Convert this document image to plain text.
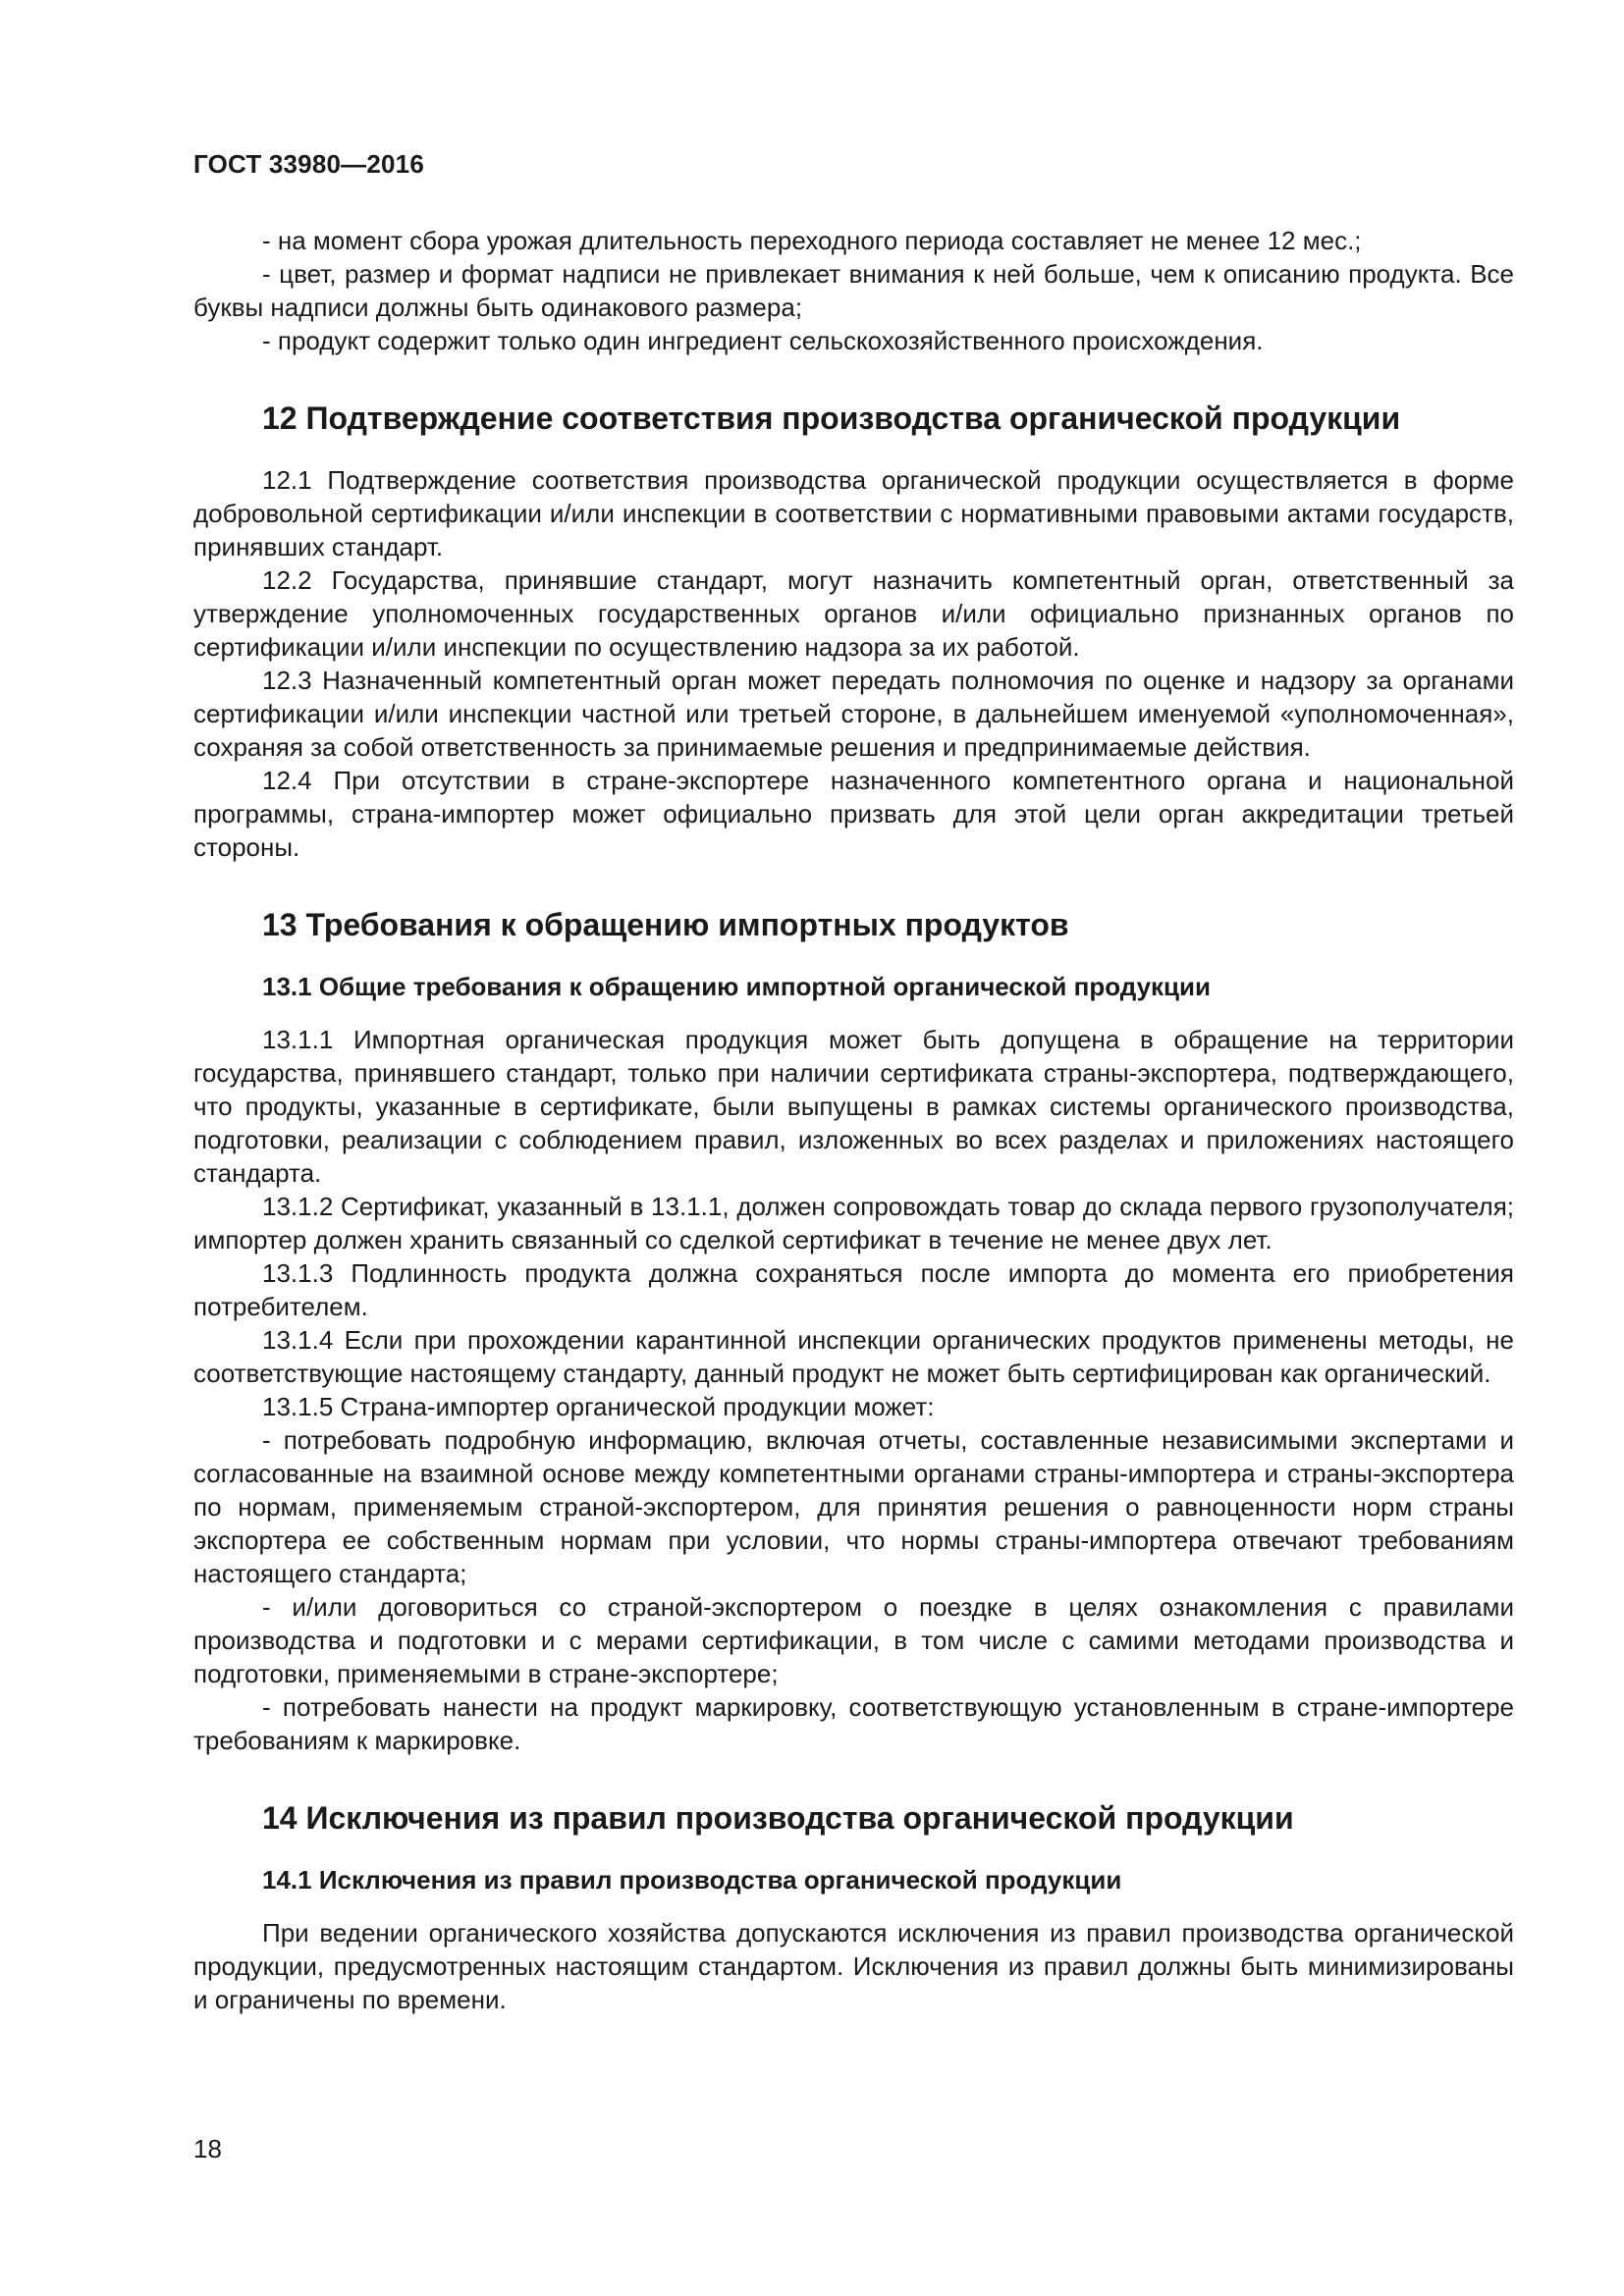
ГОСТ 33980—2016

- на момент сбора урожая длительность переходного периода составляет не менее 12 мес.;

- цвет, размер и формат надписи не привлекает внимания к ней больше, чем к описанию продукта. Все буквы надписи должны быть одинакового размера;

- продукт содержит только один ингредиент сельскохозяйственного происхождения.

12 Подтверждение соответствия производства органической продукции

12.1 Подтверждение соответствия производства органической продукции осуществляется в форме добровольной сертификации и/или инспекции в соответствии с нормативными правовыми актами государств, принявших стандарт.

12.2 Государства, принявшие стандарт, могут назначить компетентный орган, ответственный за утверждение уполномоченных государственных органов и/или официально признанных органов по сертификации и/или инспекции по осуществлению надзора за их работой.

12.3 Назначенный компетентный орган может передать полномочия по оценке и надзору за органами сертификации и/или инспекции частной или третьей стороне, в дальнейшем именуемой «уполномоченная», сохраняя за собой ответственность за принимаемые решения и предпринимаемые действия.

12.4 При отсутствии в стране-экспортере назначенного компетентного органа и национальной программы, страна-импортер может официально призвать для этой цели орган аккредитации третьей стороны.

13 Требования к обращению импортных продуктов
13.1 Общие требования к обращению импортной органической продукции

13.1.1 Импортная органическая продукция может быть допущена в обращение на территории государства, принявшего стандарт, только при наличии сертификата страны-экспортера, подтверждающего, что продукты, указанные в сертификате, были выпущены в рамках системы органического производства, подготовки, реализации с соблюдением правил, изложенных во всех разделах и приложениях настоящего стандарта.

13.1.2 Сертификат, указанный в 13.1.1, должен сопровождать товар до склада первого грузополучателя; импортер должен хранить связанный со сделкой сертификат в течение не менее двух лет.

13.1.3 Подлинность продукта должна сохраняться после импорта до момента его приобретения потребителем.

13.1.4 Если при прохождении карантинной инспекции органических продуктов применены методы, не соответствующие настоящему стандарту, данный продукт не может быть сертифицирован как органический.

13.1.5 Страна-импортер органической продукции может:

- потребовать подробную информацию, включая отчеты, составленные независимыми экспертами и согласованные на взаимной основе между компетентными органами страны-импортера и страны-экспортера по нормам, применяемым страной-экспортером, для принятия решения о равноценности норм страны экспортера ее собственным нормам при условии, что нормы страны-импортера отвечают требованиям настоящего стандарта;

- и/или договориться со страной-экспортером о поездке в целях ознакомления с правилами производства и подготовки и с мерами сертификации, в том числе с самими методами производства и подготовки, применяемыми в стране-экспортере;

- потребовать нанести на продукт маркировку, соответствующую установленным в стране-импортере требованиям к маркировке.

14 Исключения из правил производства органической продукции
14.1 Исключения из правил производства органической продукции

При ведении органического хозяйства допускаются исключения из правил производства органической продукции, предусмотренных настоящим стандартом. Исключения из правил должны быть минимизированы и ограничены по времени.

18
